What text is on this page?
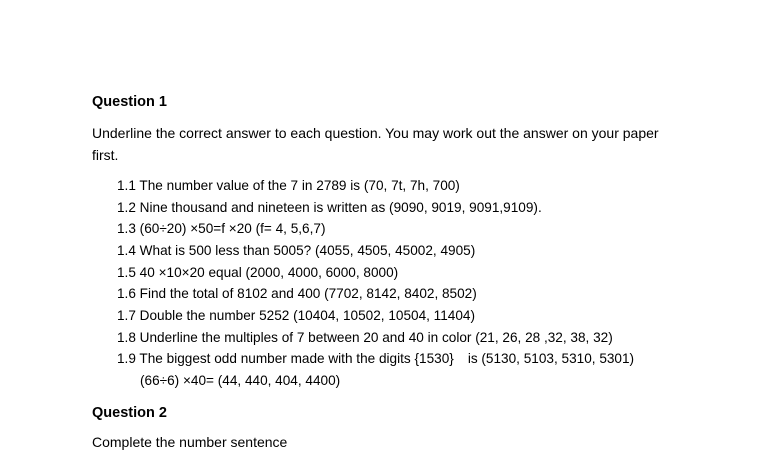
Question 1
Underline the correct answer to each question. You may work out the answer on your paper first.
1.1 The number value of the 7 in 2789 is (70, 7t, 7h, 700)
1.2 Nine thousand and nineteen is written as (9090, 9019, 9091,9109).
1.3 (60÷20) ×50=f ×20 (f= 4, 5,6,7)
1.4 What is 500 less than 5005? (4055, 4505, 45002, 4905)
1.5 40 ×10×20 equal (2000, 4000, 6000, 8000)
1.6 Find the total of 8102 and 400 (7702, 8142, 8402, 8502)
1.7 Double the number 5252 (10404, 10502, 10504, 11404)
1.8 Underline the multiples of 7 between 20 and 40 in color (21, 26, 28 ,32, 38, 32)
1.9 The biggest odd number made with the digits {1530} is (5130, 5103, 5310, 5301)
(66÷6) ×40= (44, 440, 404, 4400)
Question 2
Complete the number sentence
